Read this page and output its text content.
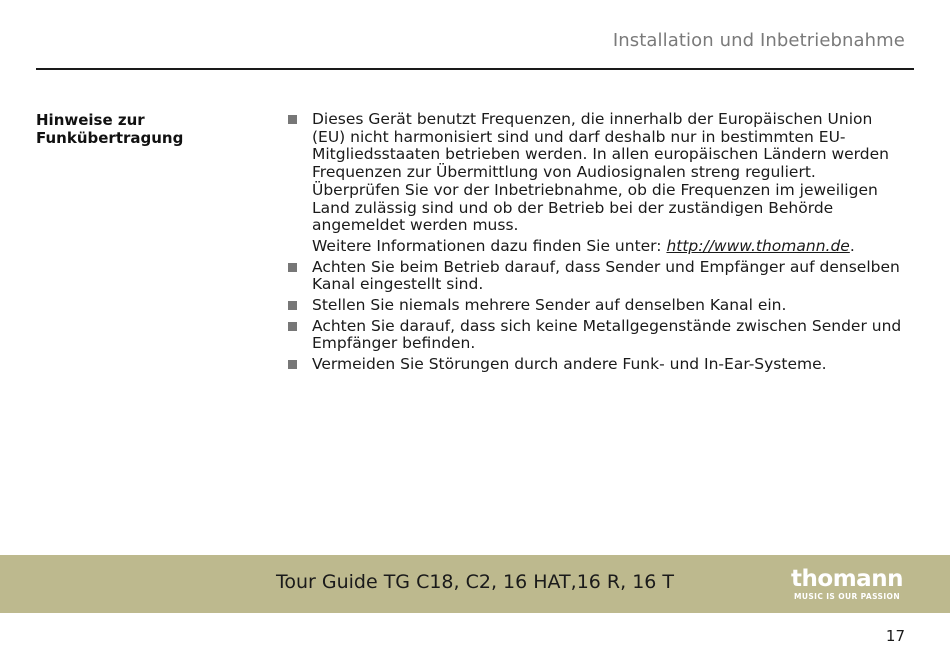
Installation und Inbetriebnahme
Hinweise zur Funkübertragung
Dieses Gerät benutzt Frequenzen, die innerhalb der Europäischen Union (EU) nicht harmonisiert sind und darf deshalb nur in bestimmten EU-Mitgliedsstaaten betrieben werden. In allen europäischen Ländern werden Frequenzen zur Übermittlung von Audiosignalen streng reguliert. Überprüfen Sie vor der Inbetriebnahme, ob die Frequenzen im jeweiligen Land zulässig sind und ob der Betrieb bei der zuständigen Behörde angemeldet werden muss.
Weitere Informationen dazu finden Sie unter: http://www.thomann.de.
Achten Sie beim Betrieb darauf, dass Sender und Empfänger auf denselben Kanal eingestellt sind.
Stellen Sie niemals mehrere Sender auf denselben Kanal ein.
Achten Sie darauf, dass sich keine Metallgegenstände zwischen Sender und Empfänger befinden.
Vermeiden Sie Störungen durch andere Funk- und In-Ear-Systeme.
Tour Guide TG C18, C2, 16 HAT,16 R, 16 T	thomann
MUSIC IS OUR PASSION
17
